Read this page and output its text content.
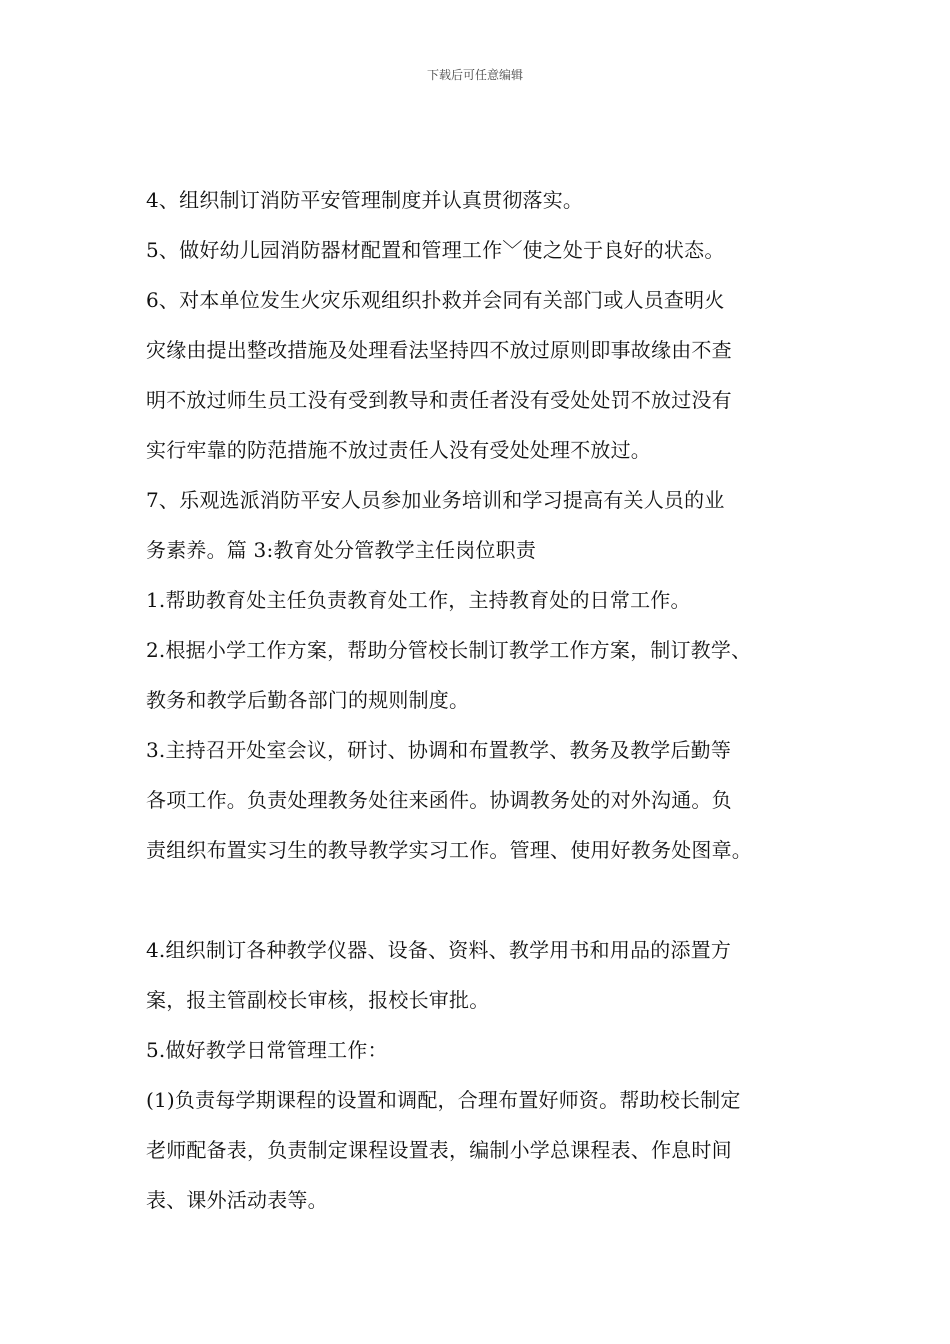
下载后可任意编辑
4、组织制订消防平安管理制度并认真贯彻落实。
5、做好幼儿园消防器材配置和管理工作﹀使之处于良好的状态。
6、对本单位发生火灾乐观组织扑救并会同有关部门或人员查明火
灾缘由提出整改措施及处理看法坚持四不放过原则即事故缘由不查
明不放过师生员工没有受到教导和责任者没有受处处罚不放过没有
实行牢靠的防范措施不放过责任人没有受处处理不放过。
7、乐观选派消防平安人员参加业务培训和学习提高有关人员的业
务素养。篇 3:教育处分管教学主任岗位职责
1.帮助教育处主任负责教育处工作，主持教育处的日常工作。
2.根据小学工作方案，帮助分管校长制订教学工作方案，制订教学、
教务和教学后勤各部门的规则制度。
3.主持召开处室会议，研讨、协调和布置教学、教务及教学后勤等
各项工作。负责处理教务处往来函件。协调教务处的对外沟通。负
责组织布置实习生的教导教学实习工作。管理、使用好教务处图章。
4.组织制订各种教学仪器、设备、资料、教学用书和用品的添置方
案，报主管副校长审核，报校长审批。
5.做好教学日常管理工作：
(1)负责每学期课程的设置和调配，合理布置好师资。帮助校长制定
老师配备表，负责制定课程设置表，编制小学总课程表、作息时间
表、课外活动表等。
